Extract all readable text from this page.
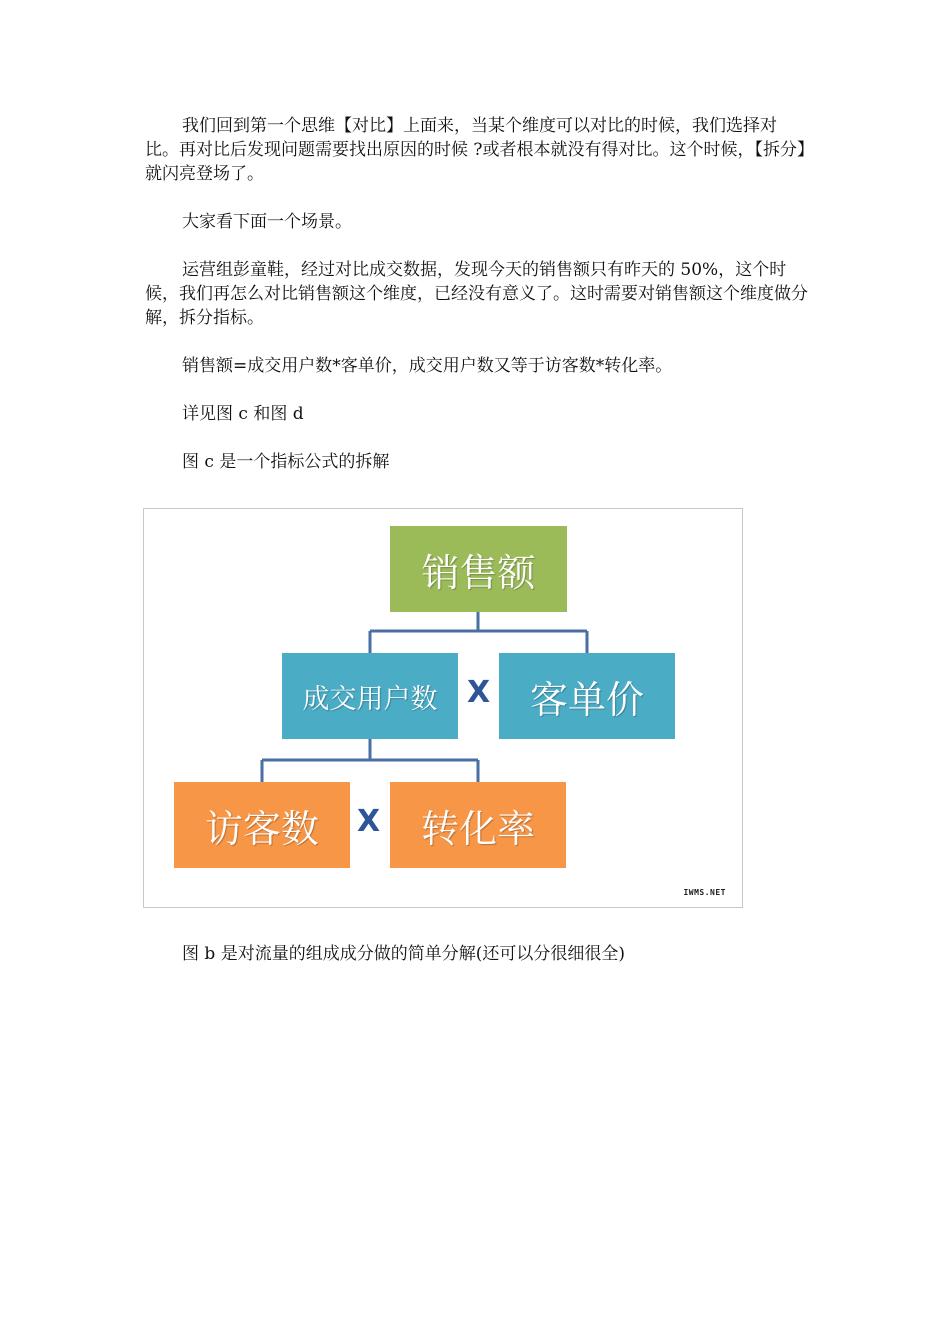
我们回到第一个思维【对比】上面来，当某个维度可以对比的时候，我们选择对比。再对比后发现问题需要找出原因的时候 ?或者根本就没有得对比。这个时候，【拆分】就闪亮登场了。

大家看下面一个场景。

运营组彭童鞋，经过对比成交数据，发现今天的销售额只有昨天的 50%，这个时候，我们再怎么对比销售额这个维度，已经没有意义了。这时需要对销售额这个维度做分解，拆分指标。

销售额=成交用户数*客单价，成交用户数又等于访客数*转化率。

详见图 c 和图 d

图 c 是一个指标公式的拆解

销售额
成交用户数 X	客单价
访客数	X	转化率
IWMS.NET

图 b 是对流量的组成成分做的简单分解(还可以分很细很全)
